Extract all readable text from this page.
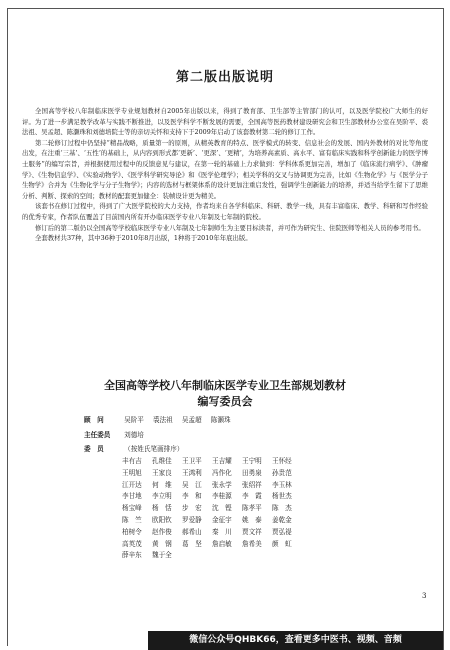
第二版出版说明

全国高等学校八年制临床医学专业规划教材自2005年出版以来，得到了教育部、卫生部等主管部门的认可，以及医学院校广大师生的好评。为了进一步满足教学改革与实践不断推进，以及医学科学不断发展的需要，全国高等医药教材建设研究会和卫生部教材办公室在吴阶平、裘法祖、吴孟超、陈灏珠和刘德培院士等的亲切关怀和支持下于2009年启动了该套教材第二轮的修订工作。

第二轮修订过程中仍坚持“精品战略，质量第一的原则，从精英教育的特点、医学模式的转变、信息社会的发展、国内外教材的对比等角度出发，在注重‘三基’、‘五性’的基础上，从内容到形式都‘更新’、‘更深’、‘更精’，为培养高素质、高水平、富有临床实践和科学创新能力的医学博士服务”的编写宗旨，并根据使用过程中的反馈意见与建议，在第一轮的基础上力求做到：学科体系更加完善，增加了《临床流行病学》、《肿瘤学》、《生物信息学》、《实验动物学》、《医学科学研究导论》和《医学伦理学》；相关学科的交叉与协调更为完善，比如《生物化学》与《医学分子生物学》合并为《生物化学与分子生物学》；内容的选材与框架体系的设计更加注重启发性，强调学生创新能力的培养，并适当给学生留下了思维分析、判断、探索的空间；教材的配套更加健全：装帧设计更为精美。

该套书在修订过程中，得到了广大医学院校的大力支持，作者均来自各学科临床、科研、教学一线，具有丰富临床、教学、科研和写作经验的优秀专家，作者队伍覆盖了目前国内所有开办临床医学专业八年制及七年制的院校。

修订后的第二版仍以全国高等学校临床医学专业八年制及七年制师生为主要目标读者，并可作为研究生、住院医师等相关人员的参考用书。

全套教材共37种，其中36种于2010年8月出版，1种将于2010年年底出版。

全国高等学校八年制临床医学专业卫生部规划教材
编写委员会
顾　问	吴阶平 裘法祖 吴孟超 陈灏珠
主任委员 刘德培
委　员	（按姓氏笔画排序）
丰有吉 孔维佳 王卫平 王吉耀 王宁明 王怀经
王明旭 王家良 王鸿利 冯作化 田勇泉 孙贵范
江开达 何　维 吴　江 张永学 张绍祥 李玉林
李甘地 李立明 李　和 李桂源 李　霞 杨世杰
杨宝峰 杨　恬 步　宏 沈　铿 陈孝平 陈　杰
陈　竺 欧阳钦 罗爱静 金征宇 姚　泰 姜乾金
柏树令 赵作俊 郝希山 秦　川 贾文祥 贾弘禔
高英茂 黄　钢 葛　坚 詹启敏 詹希美 颜　虹
薛辛东 魏于全
3
微信公众号QHBK66，查看更多中医书、视频、音频
